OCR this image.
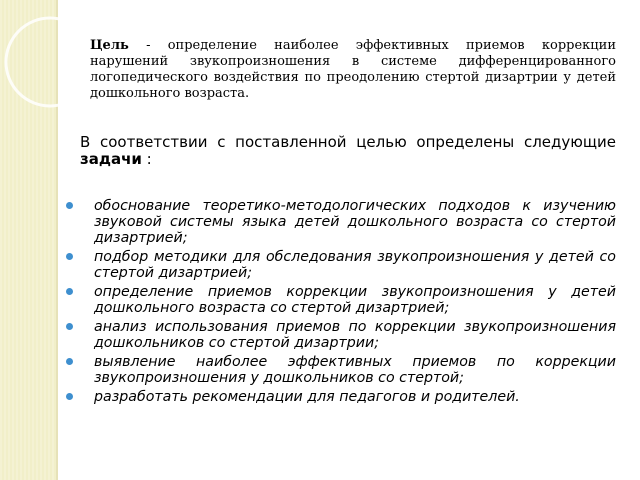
Цель - определение наиболее эффективных приемов коррекции нарушений звукопроизношения в системе дифференцированного логопедического воздействия по преодолению стертой дизартрии у детей дошкольного возраста.

В соответствии с поставленной целью определены следующие задачи :

обоснование теоретико-методологических подходов к изучению звуковой системы языка детей дошкольного возраста со стертой дизартрией;
подбор методики для обследования звукопроизношения у детей со стертой дизартрией;
определение приемов коррекции звукопроизношения у детей дошкольного возраста со стертой дизартрией;
анализ использования приемов по коррекции звукопроизношения дошкольников со стертой дизартрии;
выявление наиболее эффективных приемов по коррекции звукопроизношения у дошкольников со стертой;
разработать рекомендации для педагогов и родителей.
